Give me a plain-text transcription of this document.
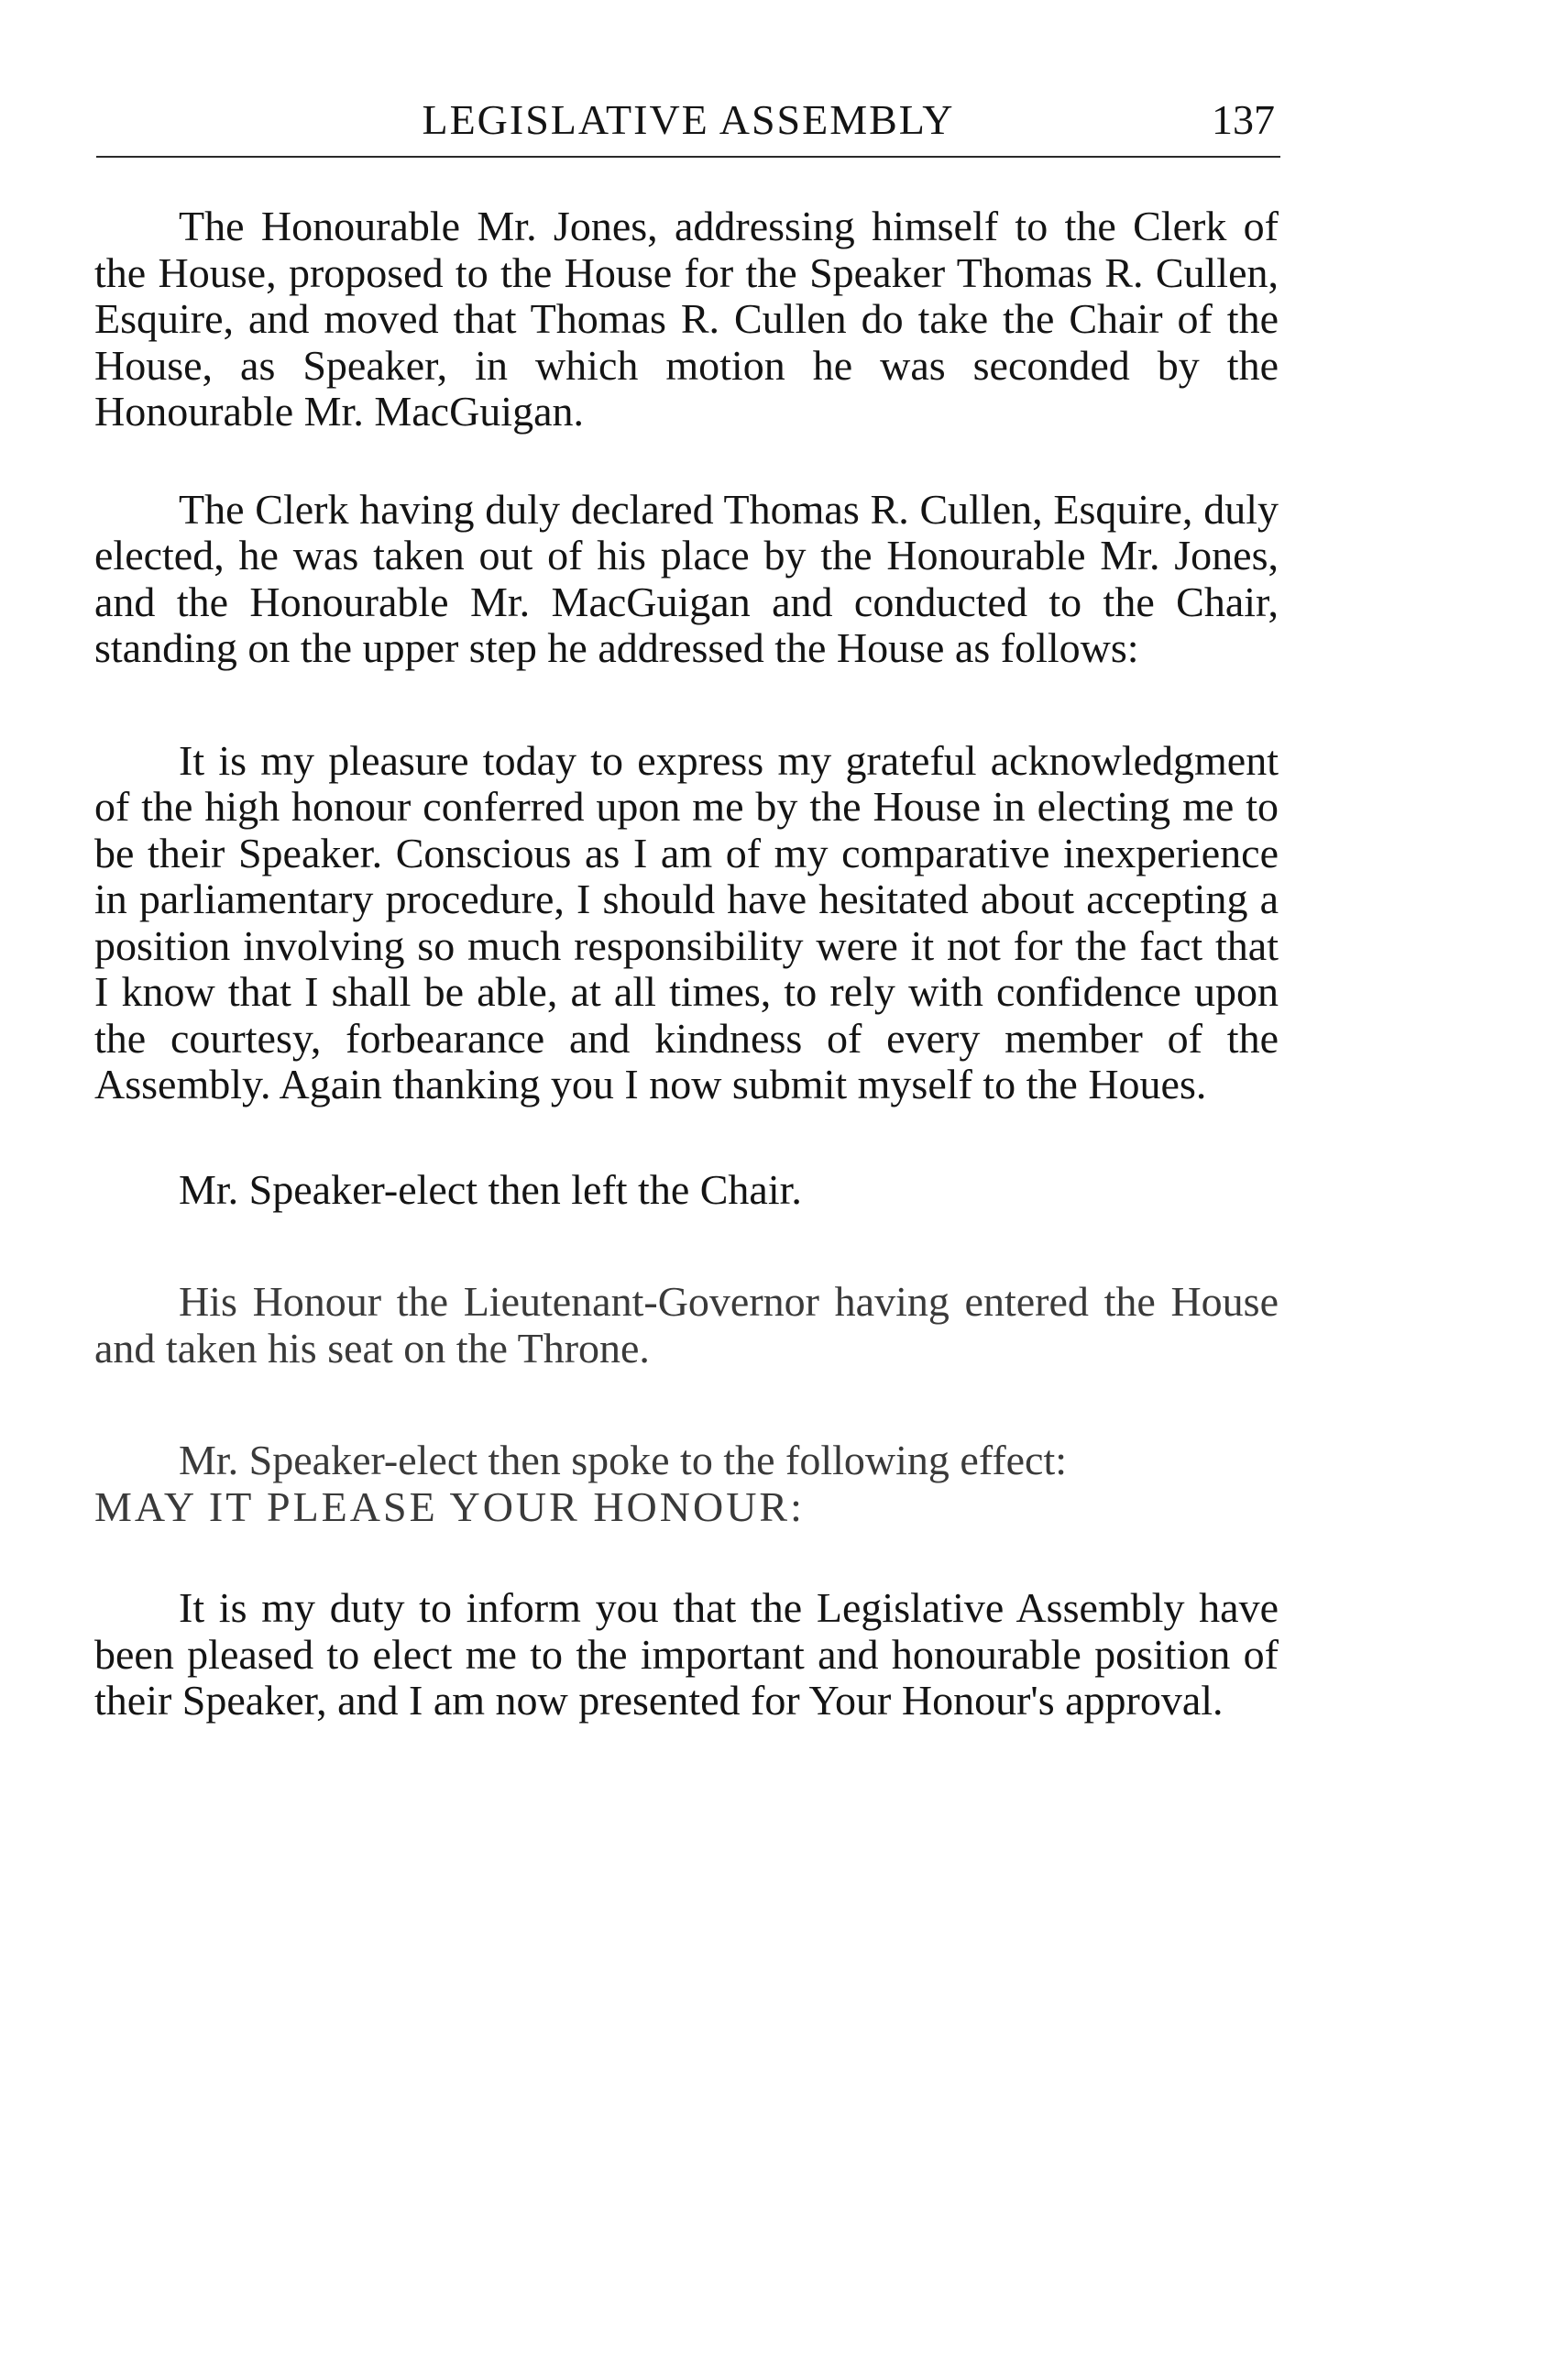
LEGISLATIVE ASSEMBLY	137

The Honourable Mr. Jones, addressing himself to the Clerk of the House, proposed to the House for the Speaker Thomas R. Cullen, Esquire, and moved that Thomas R. Cullen do take the Chair of the House, as Speaker, in which motion he was seconded by the Honourable Mr. MacGuigan.

The Clerk having duly declared Thomas R. Cullen, Esquire, duly elected, he was taken out of his place by the Honourable Mr. Jones, and the Honourable Mr. MacGuigan and conducted to the Chair, standing on the upper step he addressed the House as follows:

It is my pleasure today to express my grateful acknowledgment of the high honour conferred upon me by the House in electing me to be their Speaker. Conscious as I am of my comparative inexperience in parliamentary procedure, I should have hesitated about accepting a position involving so much responsibility were it not for the fact that I know that I shall be able, at all times, to rely with confidence upon the courtesy, forbearance and kindness of every member of the Assembly. Again thanking you I now submit myself to the Houes.

Mr. Speaker-elect then left the Chair.

His Honour the Lieutenant-Governor having entered the House and taken his seat on the Throne.

Mr. Speaker-elect then spoke to the following effect:

MAY IT PLEASE YOUR HONOUR:

It is my duty to inform you that the Legislative Assembly have been pleased to elect me to the important and honourable position of their Speaker, and I am now presented for Your Honour's approval.
